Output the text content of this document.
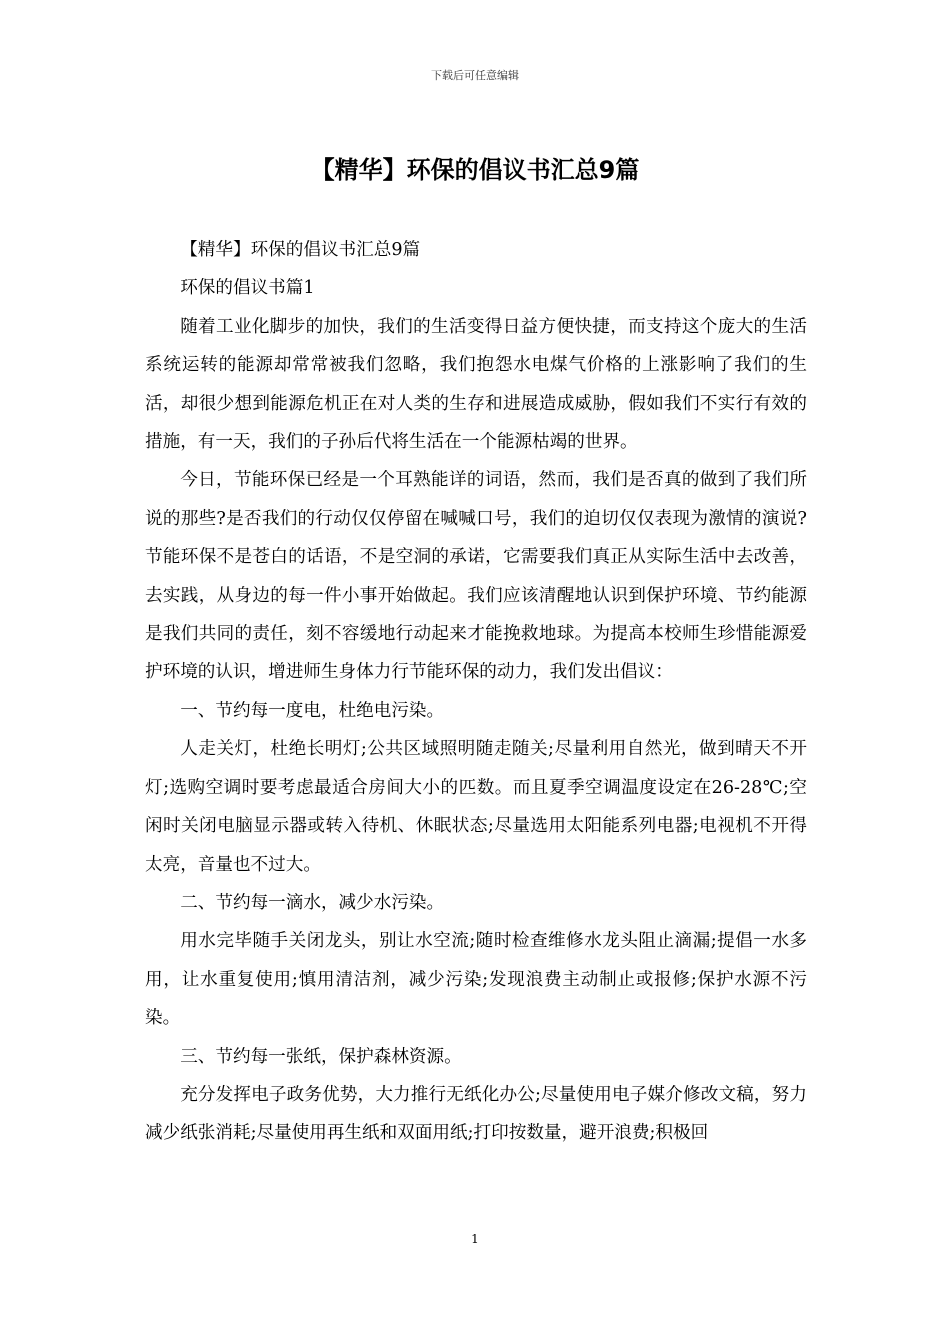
下载后可任意编辑
【精华】环保的倡议书汇总9篇

【精华】环保的倡议书汇总9篇

环保的倡议书篇1

随着工业化脚步的加快，我们的生活变得日益方便快捷，而支持这个庞大的生活系统运转的能源却常常被我们忽略，我们抱怨水电煤气价格的上涨影响了我们的生活，却很少想到能源危机正在对人类的生存和进展造成威胁，假如我们不实行有效的措施，有一天，我们的子孙后代将生活在一个能源枯竭的世界。

今日，节能环保已经是一个耳熟能详的词语，然而，我们是否真的做到了我们所说的那些?是否我们的行动仅仅停留在喊喊口号，我们的迫切仅仅表现为激情的演说?节能环保不是苍白的话语，不是空洞的承诺，它需要我们真正从实际生活中去改善，去实践，从身边的每一件小事开始做起。我们应该清醒地认识到保护环境、节约能源是我们共同的责任，刻不容缓地行动起来才能挽救地球。为提高本校师生珍惜能源爱护环境的认识，增进师生身体力行节能环保的动力，我们发出倡议：

一、节约每一度电，杜绝电污染。

人走关灯，杜绝长明灯;公共区域照明随走随关;尽量利用自然光，做到晴天不开灯;选购空调时要考虑最适合房间大小的匹数。而且夏季空调温度设定在26-28℃;空闲时关闭电脑显示器或转入待机、休眠状态;尽量选用太阳能系列电器;电视机不开得太亮，音量也不过大。

二、节约每一滴水，减少水污染。

用水完毕随手关闭龙头，别让水空流;随时检查维修水龙头阻止滴漏;提倡一水多用，让水重复使用;慎用清洁剂，减少污染;发现浪费主动制止或报修;保护水源不污染。

三、节约每一张纸，保护森林资源。

充分发挥电子政务优势，大力推行无纸化办公;尽量使用电子媒介修改文稿，努力减少纸张消耗;尽量使用再生纸和双面用纸;打印按数量，避开浪费;积极回

1
